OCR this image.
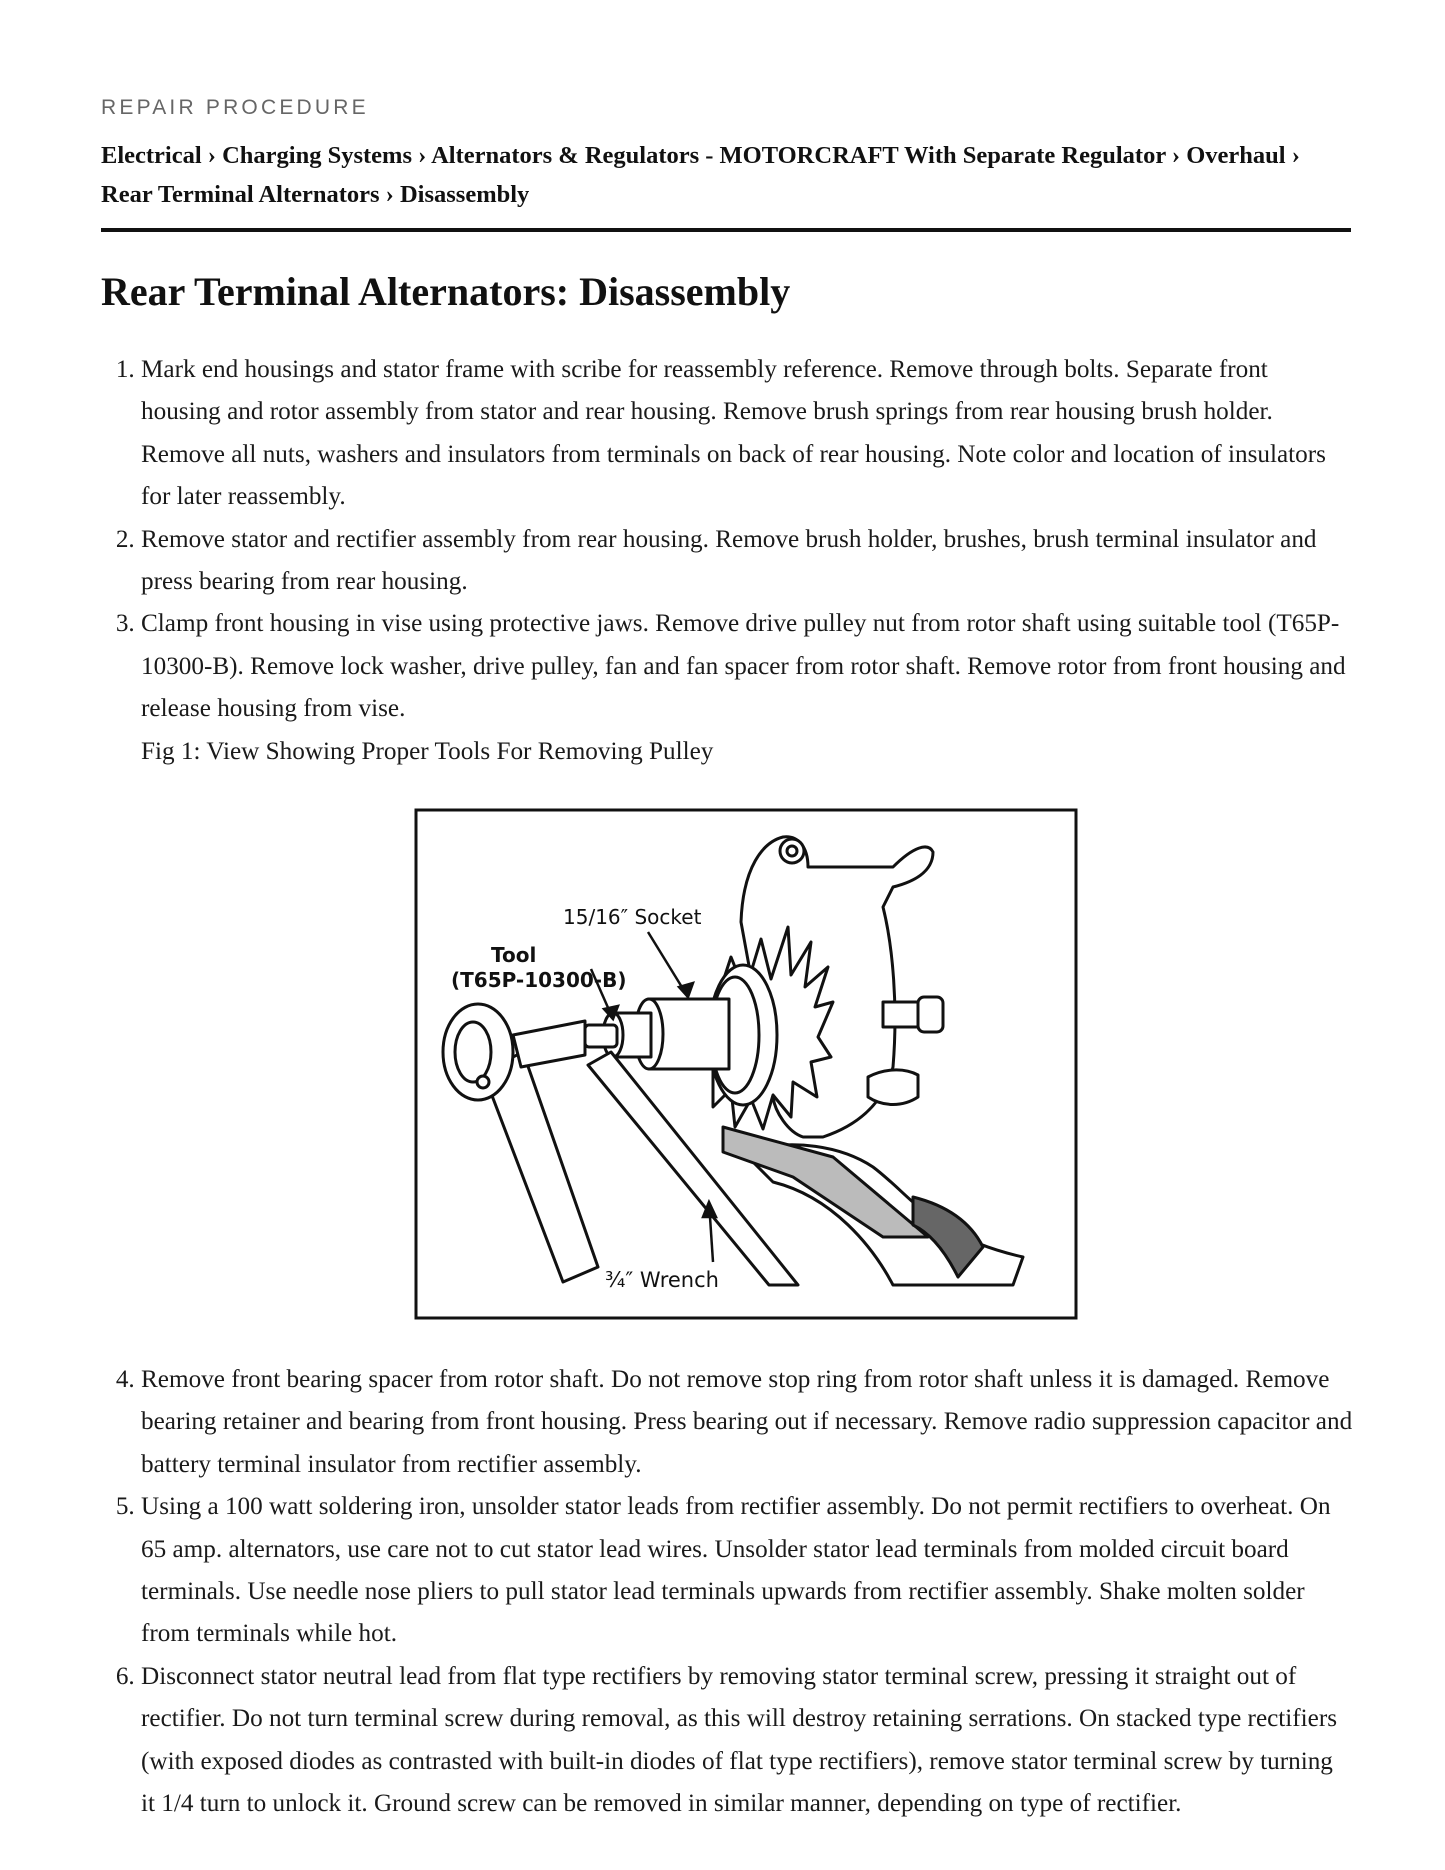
REPAIR PROCEDURE
Electrical › Charging Systems › Alternators & Regulators - MOTORCRAFT With Separate Regulator › Overhaul › Rear Terminal Alternators › Disassembly
Rear Terminal Alternators: Disassembly
1. Mark end housings and stator frame with scribe for reassembly reference. Remove through bolts. Separate front housing and rotor assembly from stator and rear housing. Remove brush springs from rear housing brush holder. Remove all nuts, washers and insulators from terminals on back of rear housing. Note color and location of insulators for later reassembly.
2. Remove stator and rectifier assembly from rear housing. Remove brush holder, brushes, brush terminal insulator and press bearing from rear housing.
3. Clamp front housing in vise using protective jaws. Remove drive pulley nut from rotor shaft using suitable tool (T65P-10300-B). Remove lock washer, drive pulley, fan and fan spacer from rotor shaft. Remove rotor from front housing and release housing from vise.
Fig 1: View Showing Proper Tools For Removing Pulley
15/16″ Socket
Tool
(T65P-10300-B)
¾″ Wrench
4. Remove front bearing spacer from rotor shaft. Do not remove stop ring from rotor shaft unless it is damaged. Remove bearing retainer and bearing from front housing. Press bearing out if necessary. Remove radio suppression capacitor and battery terminal insulator from rectifier assembly.
5. Using a 100 watt soldering iron, unsolder stator leads from rectifier assembly. Do not permit rectifiers to overheat. On 65 amp. alternators, use care not to cut stator lead wires. Unsolder stator lead terminals from molded circuit board terminals. Use needle nose pliers to pull stator lead terminals upwards from rectifier assembly. Shake molten solder from terminals while hot.
6. Disconnect stator neutral lead from flat type rectifiers by removing stator terminal screw, pressing it straight out of rectifier. Do not turn terminal screw during removal, as this will destroy retaining serrations. On stacked type rectifiers (with exposed diodes as contrasted with built-in diodes of flat type rectifiers), remove stator terminal screw by turning it 1/4 turn to unlock it. Ground screw can be removed in similar manner, depending on type of rectifier.
